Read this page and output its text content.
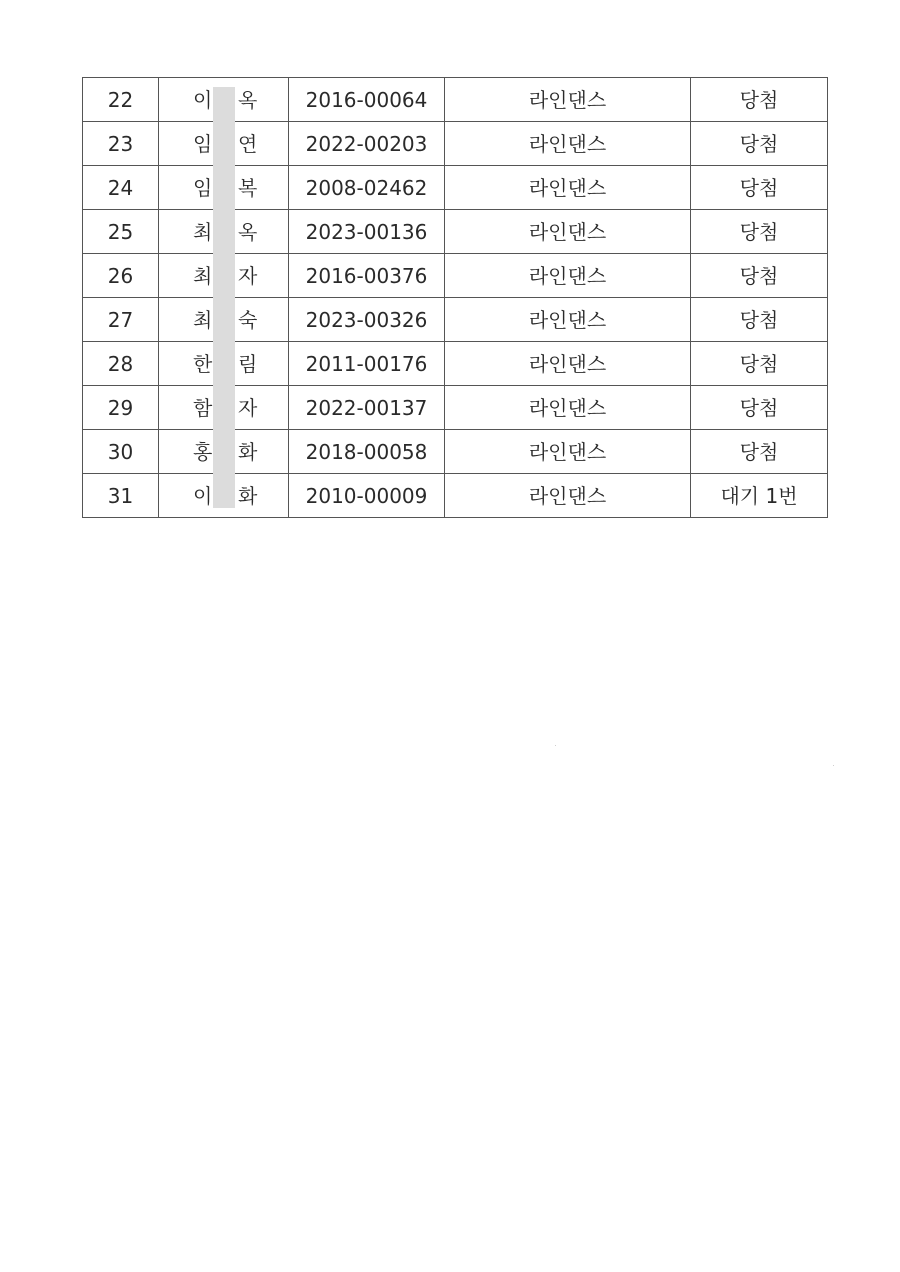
22	이 옥	2016-00064	라인댄스	당첨
23	임 연	2022-00203	라인댄스	당첨
24	임 복	2008-02462	라인댄스	당첨
25	최 옥	2023-00136	라인댄스	당첨
26	최 자	2016-00376	라인댄스	당첨
27	최 숙	2023-00326	라인댄스	당첨
28	한 림	2011-00176	라인댄스	당첨
29	함 자	2022-00137	라인댄스	당첨
30	홍 화	2018-00058	라인댄스	당첨
31	이 화	2010-00009	라인댄스	대기 1번
